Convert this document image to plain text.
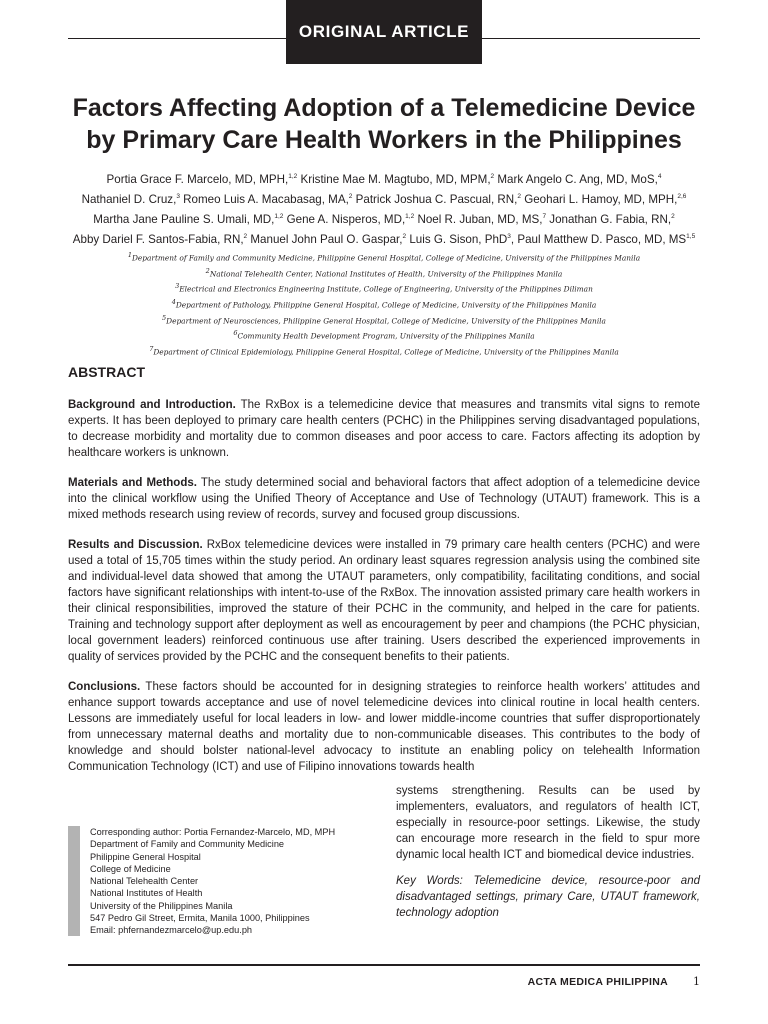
ORIGINAL ARTICLE
Factors Affecting Adoption of a Telemedicine Device
by Primary Care Health Workers in the Philippines
Portia Grace F. Marcelo, MD, MPH,$^{1,2}$ Kristine Mae M. Magtubo, MD, MPM,$^2$ Mark Angelo C. Ang, MD, MoS,$^4$
Nathaniel D. Cruz,$^3$ Romeo Luis A. Macabasag, MA,$^2$ Patrick Joshua C. Pascual, RN,$^2$ Geohari L. Hamoy, MD, MPH,$^{2,6}$
Martha Jane Pauline S. Umali, MD,$^{1,2}$ Gene A. Nisperos, MD,$^{1,2}$ Noel R. Juban, MD, MS,$^7$ Jonathan G. Fabia, RN,$^2$
Abby Dariel F. Santos-Fabia, RN,$^2$ Manuel John Paul O. Gaspar,$^2$ Luis G. Sison, PhD$^3$, Paul Matthew D. Pasco, MD, MS$^{1,5}$
$^1$Department of Family and Community Medicine, Philippine General Hospital, College of Medicine, University of the Philippines Manila
$^2$National Telehealth Center, National Institutes of Health, University of the Philippines Manila
$^3$Electrical and Electronics Engineering Institute, College of Engineering, University of the Philippines Diliman
$^4$Department of Pathology, Philippine General Hospital, College of Medicine, University of the Philippines Manila
$^5$Department of Neurosciences, Philippine General Hospital, College of Medicine, University of the Philippines Manila
$^6$Community Health Development Program, University of the Philippines Manila
$^7$Department of Clinical Epidemiology, Philippine General Hospital, College of Medicine, University of the Philippines Manila
ABSTRACT

Background and Introduction. The RxBox is a telemedicine device that measures and transmits vital signs to remote experts. It has been deployed to primary care health centers (PCHC) in the Philippines serving disadvantaged populations, to decrease morbidity and mortality due to common diseases and poor access to care. Factors affecting its adoption by healthcare workers is unknown.

Materials and Methods. The study determined social and behavioral factors that affect adoption of a telemedicine device into the clinical workflow using the Unified Theory of Acceptance and Use of Technology (UTAUT) framework. This is a mixed methods research using review of records, survey and focused group discussions.

Results and Discussion. RxBox telemedicine devices were installed in 79 primary care health centers (PCHC) and were used a total of 15,705 times within the study period. An ordinary least squares regression analysis using the combined site and individual-level data showed that among the UTAUT parameters, only compatibility, facilitating conditions, and social factors have significant relationships with intent-to-use of the RxBox. The innovation assisted primary care health workers in their clinical responsibilities, improved the stature of their PCHC in the community, and helped in the care for patients. Training and technology support after deployment as well as encouragement by peer and champions (the PCHC physician, local government leaders) reinforced continuous use after training. Users described the experienced improvements in quality of services provided by the PCHC and the consequent benefits to their patients.

Conclusions. These factors should be accounted for in designing strategies to reinforce health workers’ attitudes and enhance support towards acceptance and use of novel telemedicine devices into clinical routine in local health centers. Lessons are immediately useful for local leaders in low- and lower middle-income countries that suffer disproportionately from unnecessary maternal deaths and mortality due to non-communicable diseases. This contributes to the body of knowledge and should bolster national-level advocacy to institute an enabling policy on telehealth Information Communication Technology (ICT) and use of Filipino innovations towards health

Corresponding author: Portia Fernandez-Marcelo, MD, MPH
Department of Family and Community Medicine
Philippine General Hospital
College of Medicine
National Telehealth Center
National Institutes of Health
University of the Philippines Manila
547 Pedro Gil Street, Ermita, Manila 1000, Philippines
Email: phfernandezmarcelo@up.edu.ph

systems strengthening. Results can be used by implementers, evaluators, and regulators of health ICT, especially in resource-poor settings. Likewise, the study can encourage more research in the field to spur more dynamic local health ICT and biomedical device industries.

Key Words: Telemedicine device, resource-poor and disadvantaged settings, primary Care, UTAUT framework, technology adoption

ACTA MEDICA PHILIPPINA 1
